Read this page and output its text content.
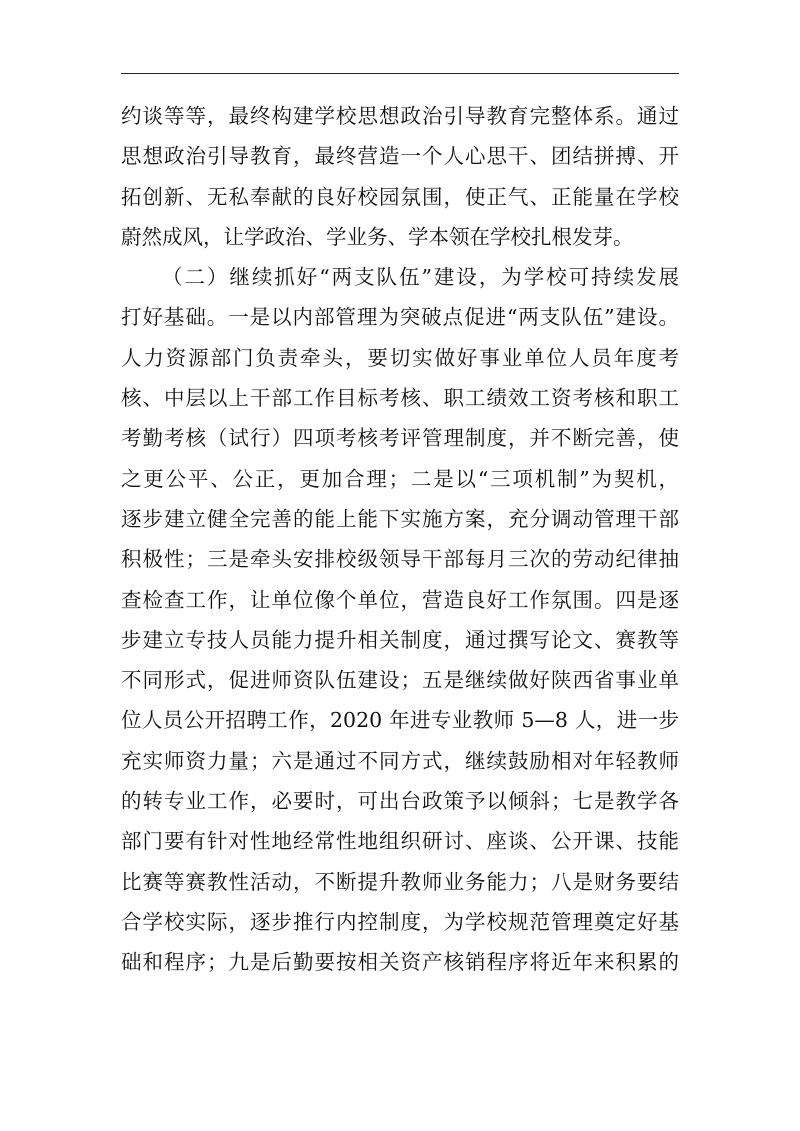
约谈等等，最终构建学校思想政治引导教育完整体系。通过
思想政治引导教育，最终营造一个人心思干、团结拼搏、开
拓创新、无私奉献的良好校园氛围，使正气、正能量在学校
蔚然成风，让学政治、学业务、学本领在学校扎根发芽。
（二）继续抓好“两支队伍”建设，为学校可持续发展
打好基础。一是以内部管理为突破点促进“两支队伍”建设。
人力资源部门负责牵头，要切实做好事业单位人员年度考
核、中层以上干部工作目标考核、职工绩效工资考核和职工
考勤考核（试行）四项考核考评管理制度，并不断完善，使
之更公平、公正，更加合理；二是以“三项机制”为契机，
逐步建立健全完善的能上能下实施方案，充分调动管理干部
积极性；三是牵头安排校级领导干部每月三次的劳动纪律抽
查检查工作，让单位像个单位，营造良好工作氛围。四是逐
步建立专技人员能力提升相关制度，通过撰写论文、赛教等
不同形式，促进师资队伍建设；五是继续做好陕西省事业单
位人员公开招聘工作，2020 年进专业教师 5—8 人，进一步
充实师资力量；六是通过不同方式，继续鼓励相对年轻教师
的转专业工作，必要时，可出台政策予以倾斜；七是教学各
部门要有针对性地经常性地组织研讨、座谈、公开课、技能
比赛等赛教性活动，不断提升教师业务能力；八是财务要结
合学校实际，逐步推行内控制度，为学校规范管理奠定好基
础和程序；九是后勤要按相关资产核销程序将近年来积累的
